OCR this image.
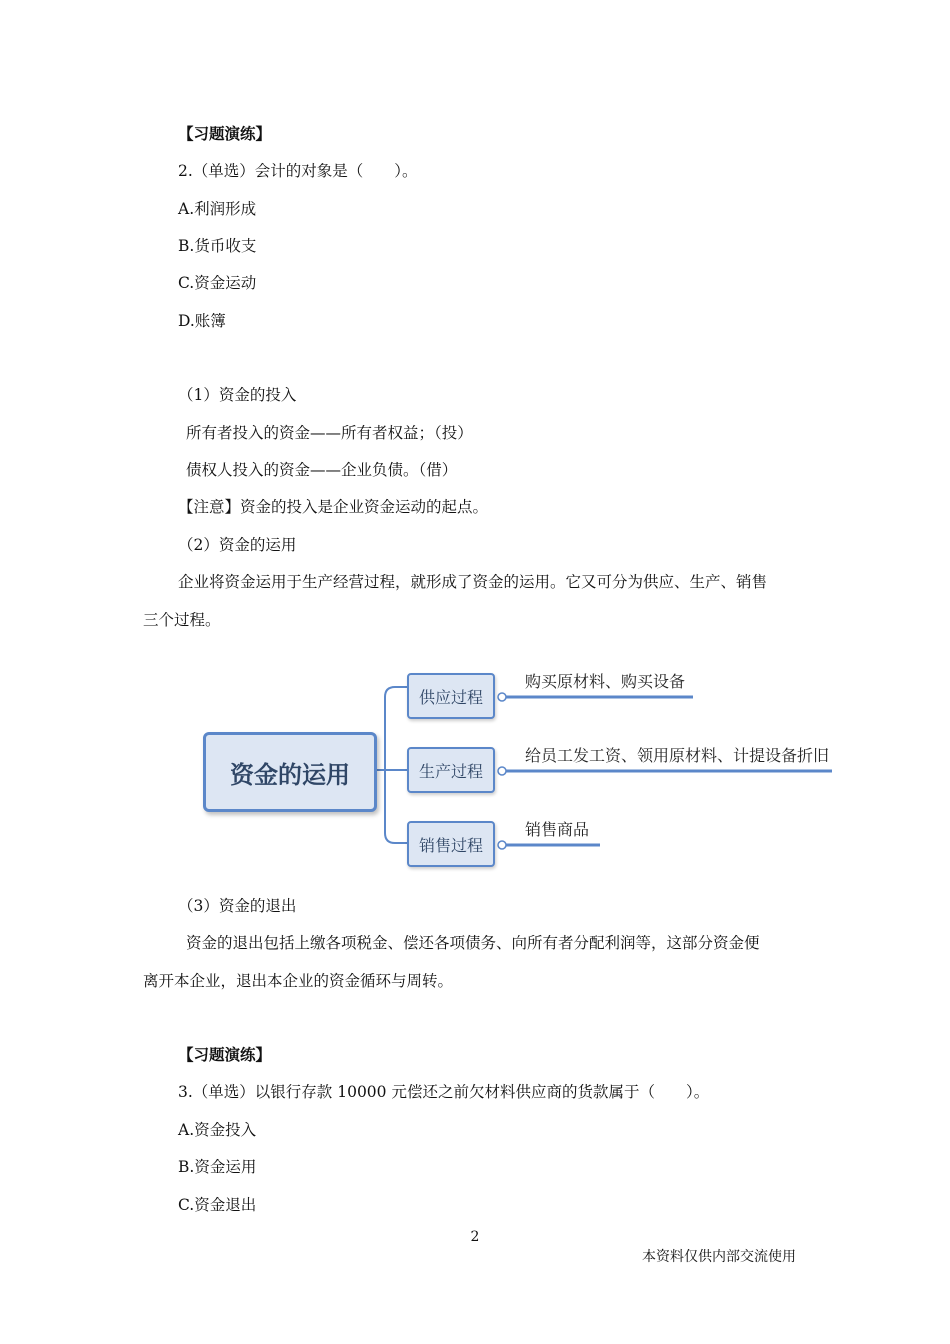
【习题演练】
2.（单选）会计的对象是（　　）。
A.利润形成
B.货币收支
C.资金运动
D.账簿
（1）资金的投入
所有者投入的资金——所有者权益；（投）
债权人投入的资金——企业负债。（借）
【注意】资金的投入是企业资金运动的起点。
（2）资金的运用
企业将资金运用于生产经营过程，就形成了资金的运用。它又可分为供应、生产、销售
三个过程。
资金的运用
供应过程
生产过程
销售过程
购买原材料、购买设备
给员工发工资、领用原材料、计提设备折旧
销售商品
（3）资金的退出
资金的退出包括上缴各项税金、偿还各项债务、向所有者分配利润等，这部分资金便
离开本企业，退出本企业的资金循环与周转。
【习题演练】
3.（单选）以银行存款 10000 元偿还之前欠材料供应商的货款属于（　　）。
A.资金投入
B.资金运用
C.资金退出
2
本资料仅供内部交流使用
